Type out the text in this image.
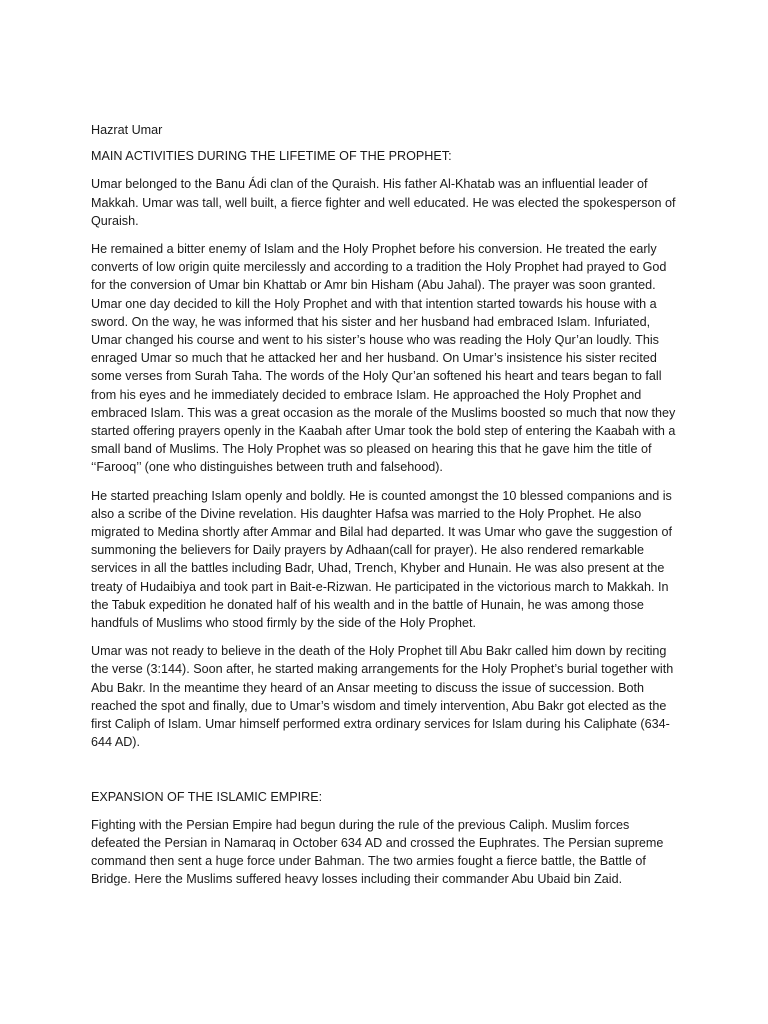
Hazrat Umar

MAIN ACTIVITIES DURING THE LIFETIME OF THE PROPHET:

Umar belonged to the Banu Ádi clan of the Quraish. His father Al-Khatab was an influential leader of Makkah. Umar was tall, well built, a fierce fighter and well educated. He was elected the spokesperson of Quraish.

He remained a bitter enemy of Islam and the Holy Prophet before his conversion. He treated the early converts of low origin quite mercilessly and according to a tradition the Holy Prophet had prayed to God for the conversion of Umar bin Khattab or Amr bin Hisham (Abu Jahal). The prayer was soon granted. Umar one day decided to kill the Holy Prophet and with that intention started towards his house with a sword. On the way, he was informed that his sister and her husband had embraced Islam. Infuriated, Umar changed his course and went to his sister’s house who was reading the Holy Qur’an loudly. This enraged Umar so much that he attacked her and her husband. On Umar’s insistence his sister recited some verses from Surah Taha. The words of the Holy Qur’an softened his heart and tears began to fall from his eyes and he immediately decided to embrace Islam. He approached the Holy Prophet and embraced Islam. This was a great occasion as the morale of the Muslims boosted so much that now they started offering prayers openly in the Kaabah after Umar took the bold step of entering the Kaabah with a small band of Muslims. The Holy Prophet was so pleased on hearing this that he gave him the title of ‘‘Farooq’’ (one who distinguishes between truth and falsehood).

He started preaching Islam openly and boldly. He is counted amongst the 10 blessed companions and is also a scribe of the Divine revelation. His daughter Hafsa was married to the Holy Prophet. He also migrated to Medina shortly after Ammar and Bilal had departed. It was Umar who gave the suggestion of summoning the believers for Daily prayers by Adhaan(call for prayer). He also rendered remarkable services in all the battles including Badr, Uhad, Trench, Khyber and Hunain. He was also present at the treaty of Hudaibiya and took part in Bait-e-Rizwan. He participated in the victorious march to Makkah. In the Tabuk expedition he donated half of his wealth and in the battle of Hunain, he was among those handfuls of Muslims who stood firmly by the side of the Holy Prophet.

Umar was not ready to believe in the death of the Holy Prophet till Abu Bakr called him down by reciting the verse (3:144). Soon after, he started making arrangements for the Holy Prophet’s burial together with Abu Bakr. In the meantime they heard of an Ansar meeting to discuss the issue of succession. Both reached the spot and finally, due to Umar’s wisdom and timely intervention, Abu Bakr got elected as the first Caliph of Islam. Umar himself performed extra ordinary services for Islam during his Caliphate (634-644 AD).

EXPANSION OF THE ISLAMIC EMPIRE:

Fighting with the Persian Empire had begun during the rule of the previous Caliph. Muslim forces defeated the Persian in Namaraq in October 634 AD and crossed the Euphrates. The Persian supreme command then sent a huge force under Bahman. The two armies fought a fierce battle, the Battle of Bridge. Here the Muslims suffered heavy losses including their commander Abu Ubaid bin Zaid.
